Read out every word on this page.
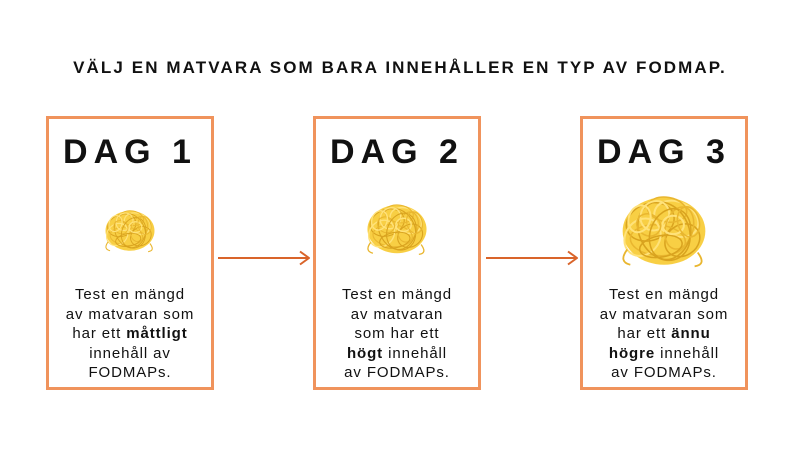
VÄLJ EN MATVARA SOM BARA INNEHÅLLER EN TYP AV FODMAP.
DAG 1
Test en mängd
av matvaran som
har ett måttligt
innehåll av
FODMAPs.
DAG 2
Test en mängd
av matvaran
som har ett
högt innehåll
av FODMAPs.
DAG 3
Test en mängd
av matvaran som
har ett ännu
högre innehåll
av FODMAPs.
